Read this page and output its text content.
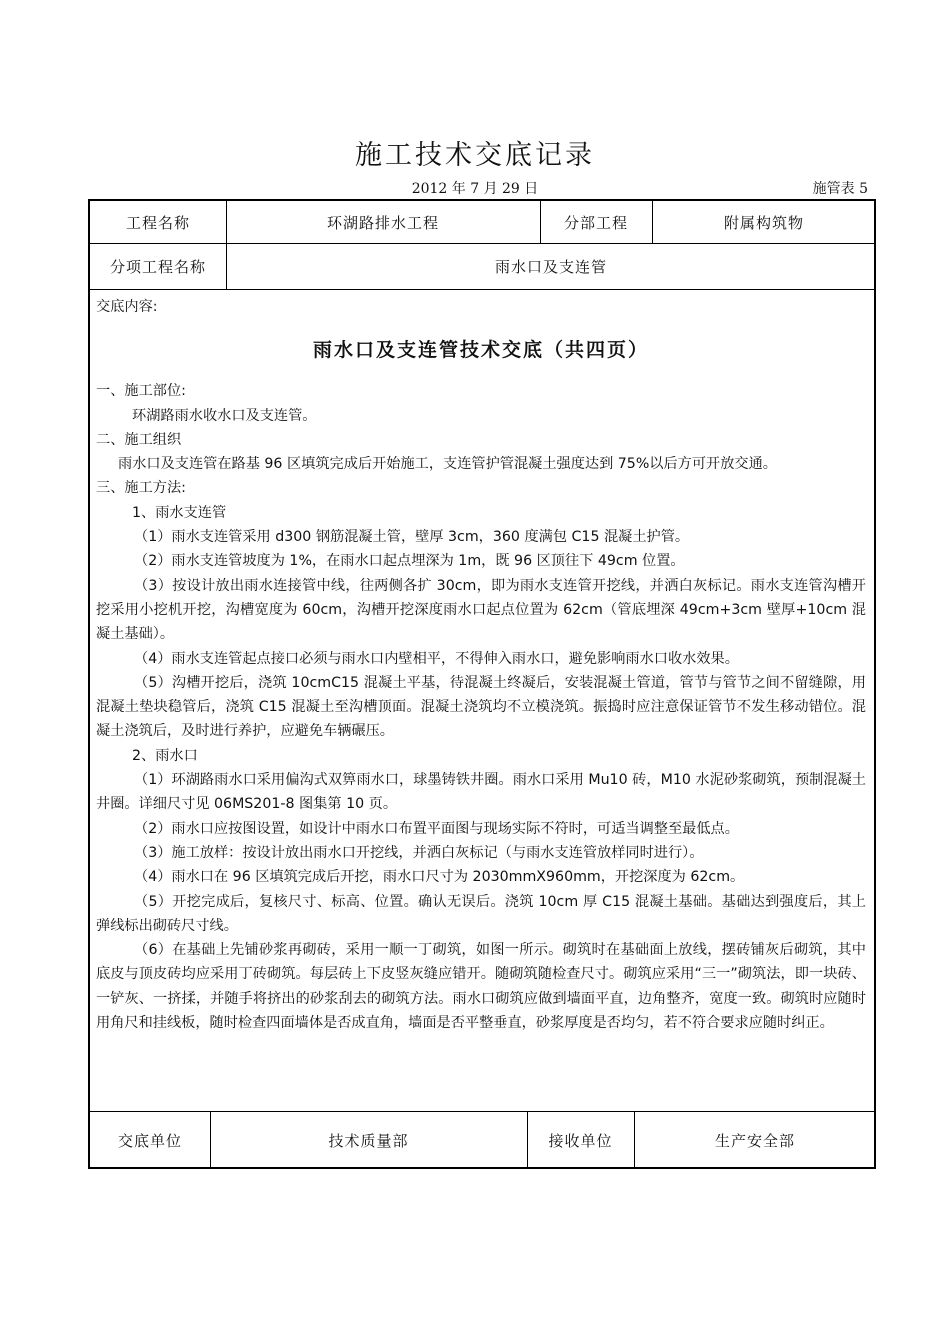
施工技术交底记录
2012 年 7 月 29 日	施管表 5
工程名称	环湖路排水工程	分部工程	附属构筑物
分项工程名称	雨水口及支连管

交底内容:

雨水口及支连管技术交底（共四页）

一、施工部位:

环湖路雨水收水口及支连管。

二、施工组织

雨水口及支连管在路基 96 区填筑完成后开始施工，支连管护管混凝土强度达到 75%以后方可开放交通。

三、施工方法:

1、雨水支连管

（1）雨水支连管采用 d300 钢筋混凝土管，壁厚 3cm，360 度满包 C15 混凝土护管。

（2）雨水支连管坡度为 1%，在雨水口起点埋深为 1m，既 96 区顶往下 49cm 位置。

（3）按设计放出雨水连接管中线，往两侧各扩 30cm，即为雨水支连管开挖线，并洒白灰标记。雨水支连管沟槽开挖采用小挖机开挖，沟槽宽度为 60cm，沟槽开挖深度雨水口起点位置为 62cm（管底埋深 49cm+3cm 壁厚+10cm 混凝土基础）。

（4）雨水支连管起点接口必须与雨水口内壁相平，不得伸入雨水口，避免影响雨水口收水效果。

（5）沟槽开挖后，浇筑 10cmC15 混凝土平基，待混凝土终凝后，安装混凝土管道，管节与管节之间不留缝隙，用混凝土垫块稳管后，浇筑 C15 混凝土至沟槽顶面。混凝土浇筑均不立模浇筑。振捣时应注意保证管节不发生移动错位。混凝土浇筑后，及时进行养护，应避免车辆碾压。

2、雨水口

（1）环湖路雨水口采用偏沟式双箅雨水口，球墨铸铁井圈。雨水口采用 Mu10 砖，M10 水泥砂浆砌筑，预制混凝土井圈。详细尺寸见 06MS201-8 图集第 10 页。

（2）雨水口应按图设置，如设计中雨水口布置平面图与现场实际不符时，可适当调整至最低点。

（3）施工放样：按设计放出雨水口开挖线，并洒白灰标记（与雨水支连管放样同时进行）。

（4）雨水口在 96 区填筑完成后开挖，雨水口尺寸为 2030mmX960mm，开挖深度为 62cm。

（5）开挖完成后，复核尺寸、标高、位置。确认无误后。浇筑 10cm 厚 C15 混凝土基础。基础达到强度后，其上弹线标出砌砖尺寸线。

（6）在基础上先铺砂浆再砌砖，采用一顺一丁砌筑，如图一所示。砌筑时在基础面上放线，摆砖铺灰后砌筑，其中底皮与顶皮砖均应采用丁砖砌筑。每层砖上下皮竖灰缝应错开。随砌筑随检查尺寸。砌筑应采用“三一”砌筑法，即一块砖、一铲灰、一挤揉，并随手将挤出的砂浆刮去的砌筑方法。雨水口砌筑应做到墙面平直，边角整齐，宽度一致。砌筑时应随时用角尺和挂线板，随时检查四面墙体是否成直角，墙面是否平整垂直，砂浆厚度是否均匀，若不符合要求应随时纠正。

交底单位	技术质量部	接收单位	生产安全部
